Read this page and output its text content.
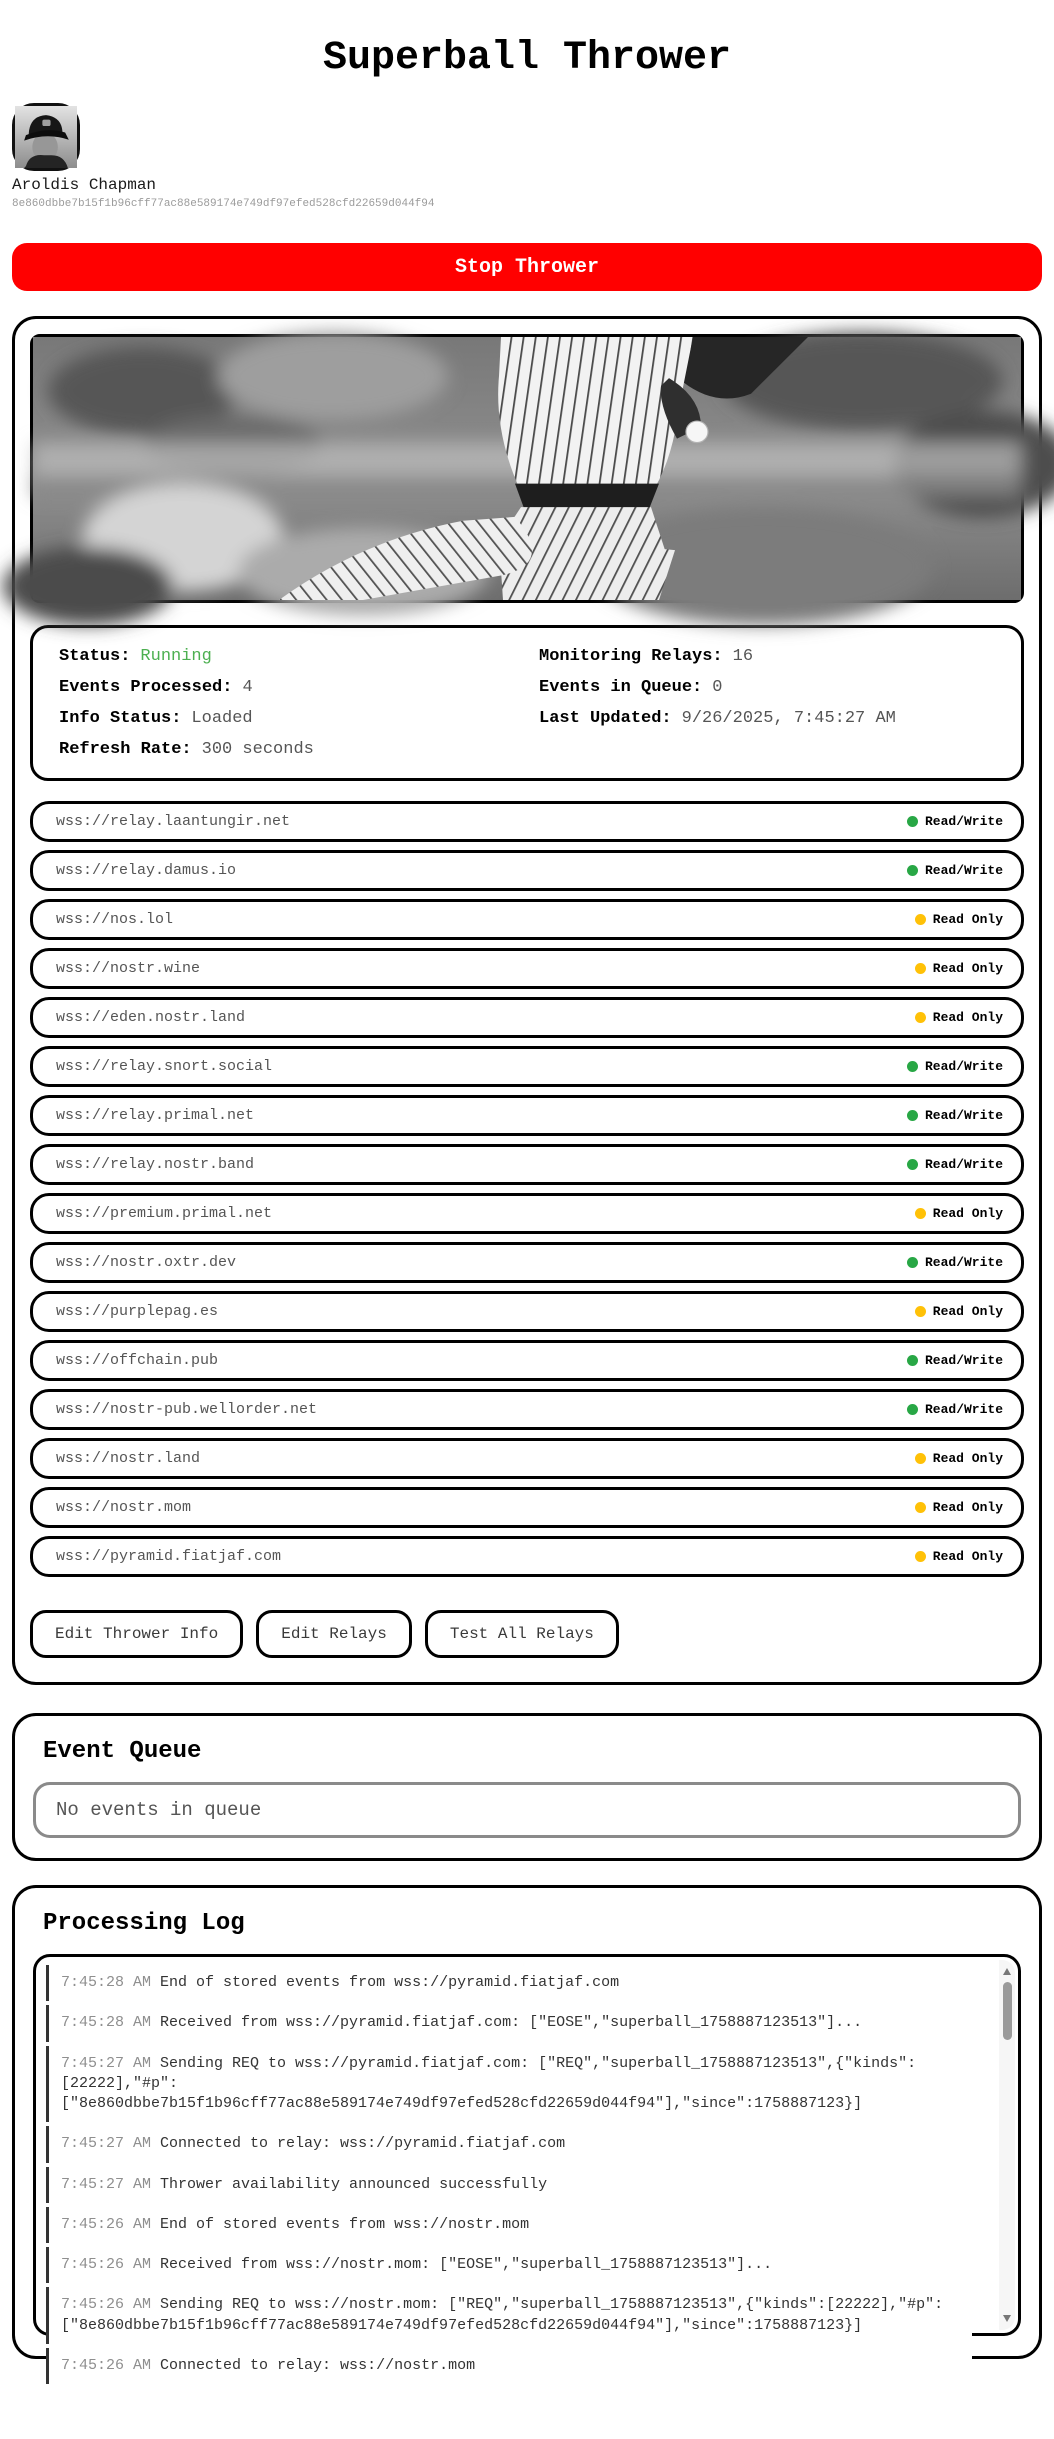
Superball Thrower
Aroldis Chapman
8e860dbbe7b15f1b96cff77ac88e589174e749df97efed528cfd22659d044f94
Stop Thrower
Status: Running
Events Processed: 4
Info Status: Loaded
Refresh Rate: 300 seconds
Monitoring Relays: 16
Events in Queue: 0
Last Updated: 9/26/2025, 7:45:27 AM
wss://relay.laantungir.net	Read/Write
wss://relay.damus.io	Read/Write
wss://nos.lol	Read Only
wss://nostr.wine	Read Only
wss://eden.nostr.land	Read Only
wss://relay.snort.social	Read/Write
wss://relay.primal.net	Read/Write
wss://relay.nostr.band	Read/Write
wss://premium.primal.net	Read Only
wss://nostr.oxtr.dev	Read/Write
wss://purplepag.es	Read Only
wss://offchain.pub	Read/Write
wss://nostr-pub.wellorder.net	Read/Write
wss://nostr.land	Read Only
wss://nostr.mom	Read Only
wss://pyramid.fiatjaf.com	Read Only
Edit Thrower Info	Edit Relays	Test All Relays
Event Queue
No events in queue
Processing Log
7:45:28 AM End of stored events from wss://pyramid.fiatjaf.com
7:45:28 AM Received from wss://pyramid.fiatjaf.com: ["EOSE","superball_1758887123513"]...
7:45:27 AM Sending REQ to wss://pyramid.fiatjaf.com: ["REQ","superball_1758887123513",{"kinds":[22222],"#p":["8e860dbbe7b15f1b96cff77ac88e589174e749df97efed528cfd22659d044f94"],"since":1758887123}]
7:45:27 AM Connected to relay: wss://pyramid.fiatjaf.com
7:45:27 AM Thrower availability announced successfully
7:45:26 AM End of stored events from wss://nostr.mom
7:45:26 AM Received from wss://nostr.mom: ["EOSE","superball_1758887123513"]...
7:45:26 AM Sending REQ to wss://nostr.mom: ["REQ","superball_1758887123513",{"kinds":[22222],"#p":["8e860dbbe7b15f1b96cff77ac88e589174e749df97efed528cfd22659d044f94"],"since":1758887123}]
7:45:26 AM Connected to relay: wss://nostr.mom
